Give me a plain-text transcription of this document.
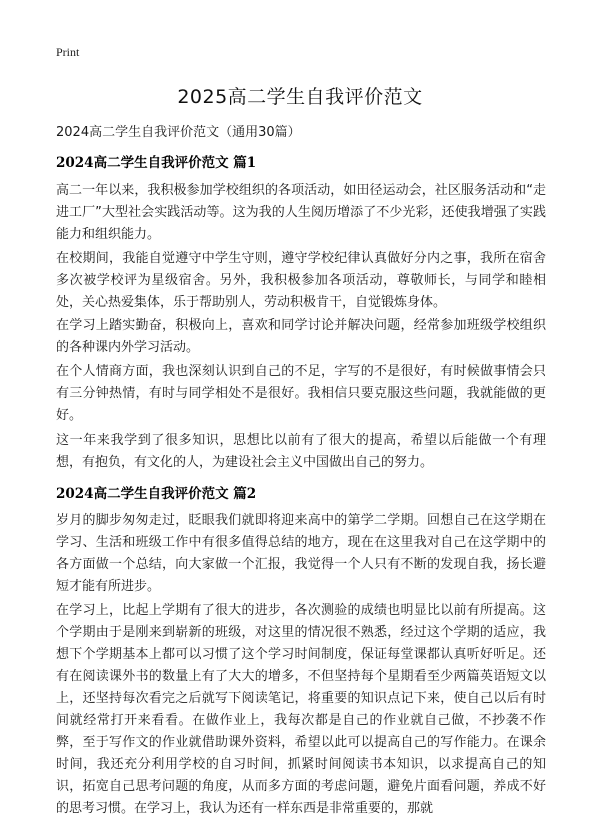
Print
2025高二学生自我评价范文
2024高二学生自我评价范文（通用30篇）
2024高二学生自我评价范文 篇1

高二一年以来，我积极参加学校组织的各项活动，如田径运动会，社区服务活动和“走进工厂”大型社会实践活动等。这为我的人生阅历增添了不少光彩，还使我增强了实践能力和组织能力。

在校期间，我能自觉遵守中学生守则，遵守学校纪律认真做好分内之事，我所在宿舍多次被学校评为星级宿舍。另外，我积极参加各项活动，尊敬师长，与同学和睦相处，关心热爱集体，乐于帮助别人，劳动积极肯干，自觉锻炼身体。

在学习上踏实勤奋，积极向上，喜欢和同学讨论并解决问题，经常参加班级学校组织的各种课内外学习活动。

在个人情商方面，我也深刻认识到自己的不足，字写的不是很好，有时候做事情会只有三分钟热情，有时与同学相处不是很好。我相信只要克服这些问题，我就能做的更好。

这一年来我学到了很多知识，思想比以前有了很大的提高，希望以后能做一个有理想，有抱负，有文化的人，为建设社会主义中国做出自己的努力。

2024高二学生自我评价范文 篇2

岁月的脚步匆匆走过，眨眼我们就即将迎来高中的第学二学期。回想自己在这学期在学习、生活和班级工作中有很多值得总结的地方，现在在这里我对自己在这学期中的各方面做一个总结，向大家做一个汇报，我觉得一个人只有不断的发现自我，扬长避短才能有所进步。

在学习上，比起上学期有了很大的进步，各次测验的成绩也明显比以前有所提高。这个学期由于是刚来到崭新的班级，对这里的情况很不熟悉，经过这个学期的适应，我想下个学期基本上都可以习惯了这个学习时间制度，保证每堂课都认真听好听足。还有在阅读课外书的数量上有了大大的增多，不但坚持每个星期看至少两篇英语短文以上，还坚持每次看完之后就写下阅读笔记，将重要的知识点记下来，使自己以后有时间就经常打开来看看。在做作业上，我每次都是自己的作业就自己做，不抄袭不作弊，至于写作文的作业就借助课外资料，希望以此可以提高自己的写作能力。在课余时间，我还充分利用学校的自习时间，抓紧时间阅读书本知识，以求提高自己的知识，拓宽自己思考问题的角度，从而多方面的考虑问题，避免片面看问题，养成不好的思考习惯。在学习上，我认为还有一样东西是非常重要的，那就
